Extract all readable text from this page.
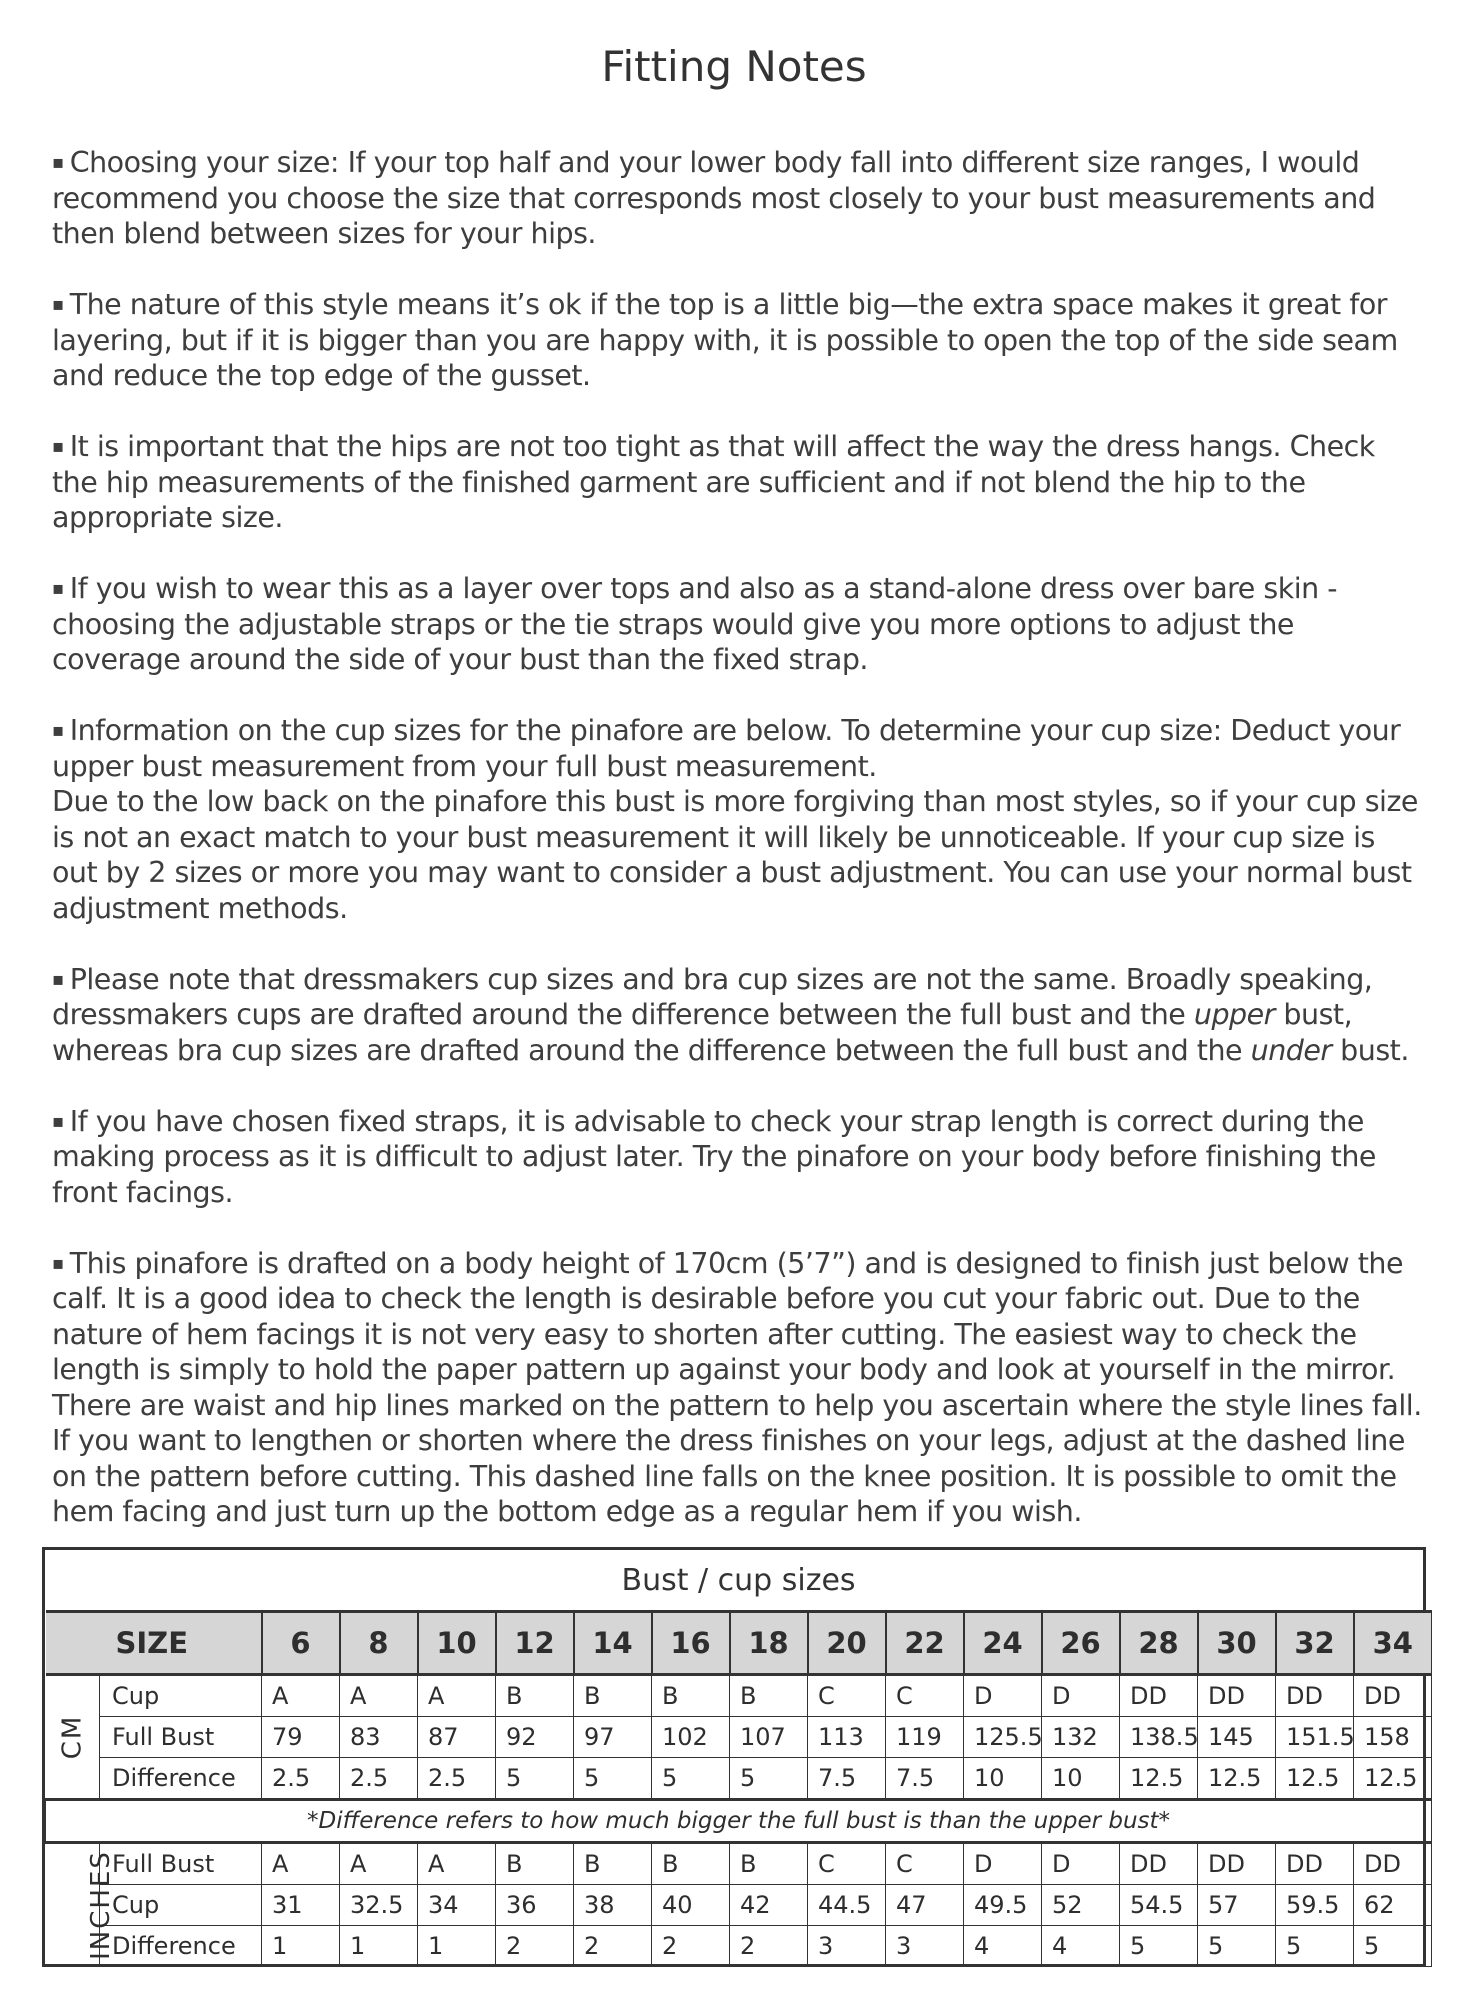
Fitting Notes

▪ Choosing your size: If your top half and your lower body fall into different size ranges, I would recommend you choose the size that corresponds most closely to your bust measurements and then blend between sizes for your hips.

▪ The nature of this style means it’s ok if the top is a little big—the extra space makes it great for layering, but if it is bigger than you are happy with, it is possible to open the top of the side seam and reduce the top edge of the gusset.

▪ It is important that the hips are not too tight as that will affect the way the dress hangs. Check the hip measurements of the finished garment are sufficient and if not blend the hip to the appropriate size.

▪ If you wish to wear this as a layer over tops and also as a stand-alone dress over bare skin - choosing the adjustable straps or the tie straps would give you more options to adjust the coverage around the side of your bust than the fixed strap.

▪ Information on the cup sizes for the pinafore are below. To determine your cup size: Deduct your upper bust measurement from your full bust measurement.
Due to the low back on the pinafore this bust is more forgiving than most styles, so if your cup size is not an exact match to your bust measurement it will likely be unnoticeable. If your cup size is out by 2 sizes or more you may want to consider a bust adjustment. You can use your normal bust adjustment methods.

▪ Please note that dressmakers cup sizes and bra cup sizes are not the same. Broadly speaking, dressmakers cups are drafted around the difference between the full bust and the upper bust, whereas bra cup sizes are drafted around the difference between the full bust and the under bust.

▪ If you have chosen fixed straps, it is advisable to check your strap length is correct during the making process as it is difficult to adjust later. Try the pinafore on your body before finishing the front facings.

▪ This pinafore is drafted on a body height of 170cm (5’7”) and is designed to finish just below the calf. It is a good idea to check the length is desirable before you cut your fabric out. Due to the nature of hem facings it is not very easy to shorten after cutting. The easiest way to check the length is simply to hold the paper pattern up against your body and look at yourself in the mirror. There are waist and hip lines marked on the pattern to help you ascertain where the style lines fall. If you want to lengthen or shorten where the dress finishes on your legs, adjust at the dashed line on the pattern before cutting. This dashed line falls on the knee position. It is possible to omit the hem facing and just turn up the bottom edge as a regular hem if you wish.

Bust / cup sizes																
SIZE		6	8	10	12	14	16	18	20	22	24	26	28	30	32	34
CM	Cup	A	A	A	B	B	B	B	C	C	D	D	DD	DD	DD	DD
	Full Bust	79	83	87	92	97	102	107	113	119	125.5	132	138.5	145	151.5	158
	Difference	2.5	2.5	2.5	5	5	5	5	7.5	7.5	10	10	12.5	12.5	12.5	12.5
*Difference refers to how much bigger the full bust is than the upper bust*																
INCHES	Full Bust	A	A	A	B	B	B	B	C	C	D	D	DD	DD	DD	DD
	Cup	31	32.5	34	36	38	40	42	44.5	47	49.5	52	54.5	57	59.5	62
	Difference	1	1	1	2	2	2	2	3	3	4	4	5	5	5	5
